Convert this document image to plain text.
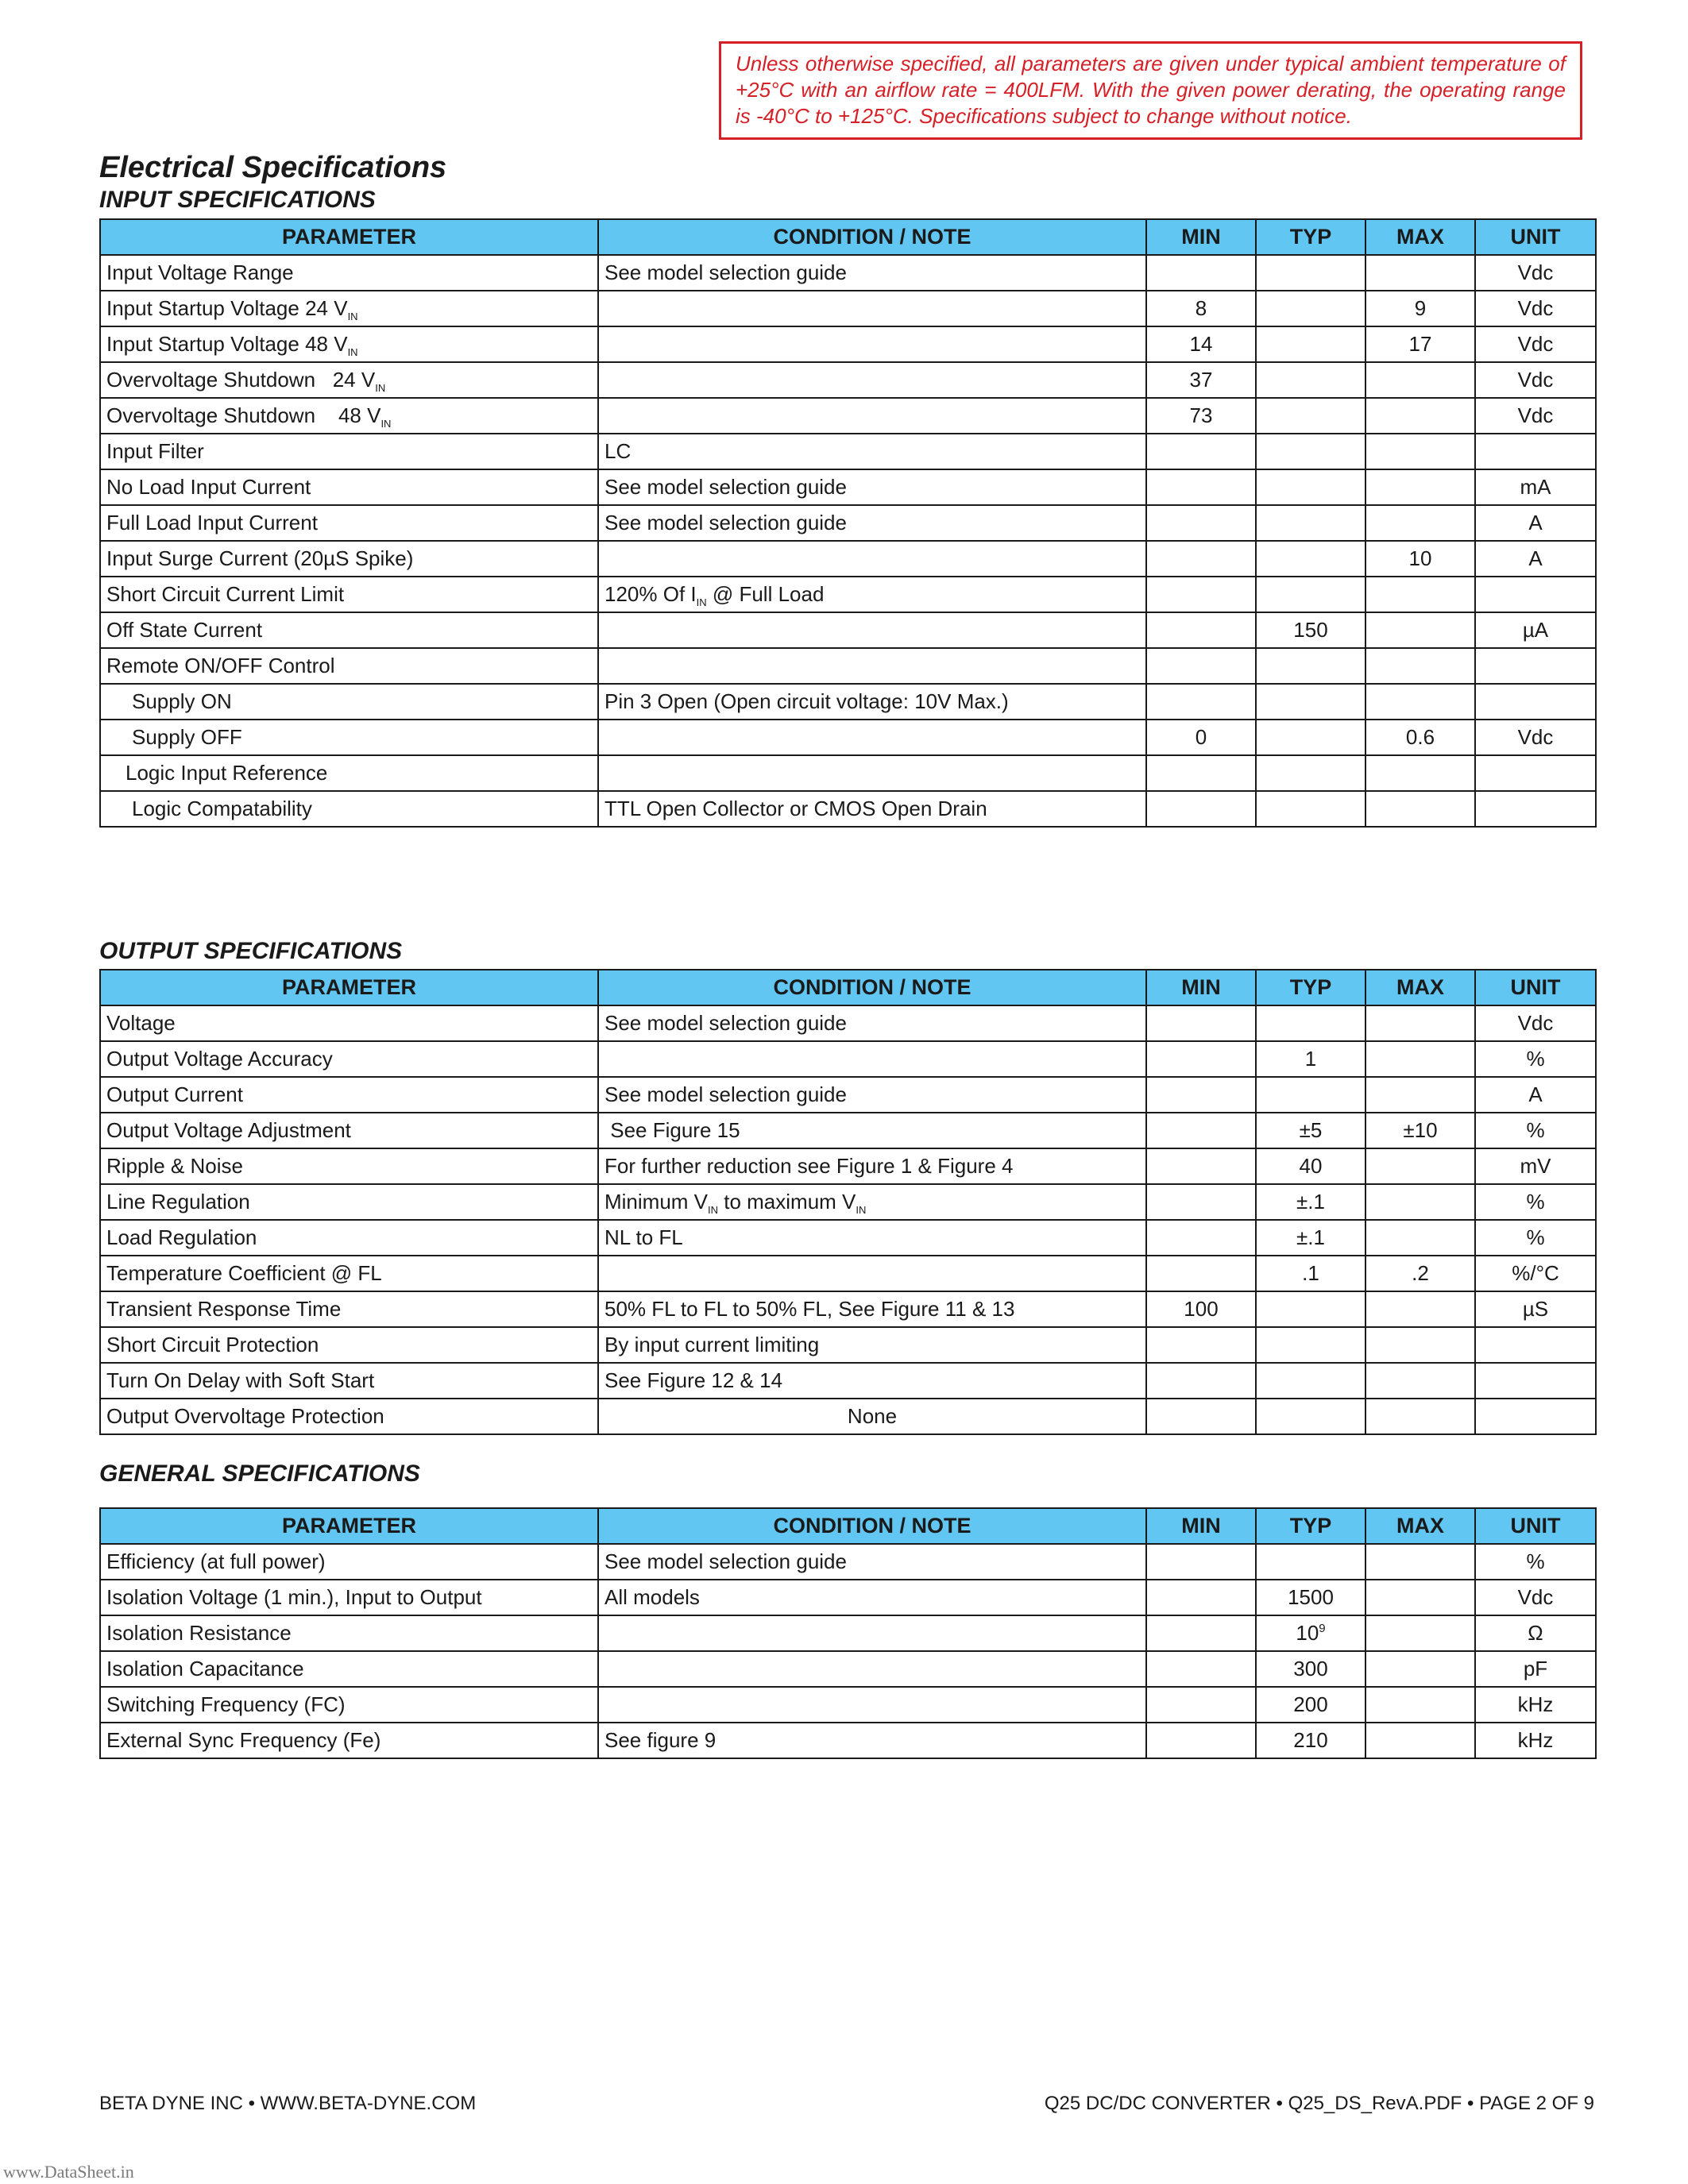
Unless otherwise specified, all parameters are given under typical ambient temperature of +25°C with an airflow rate = 400LFM. With the given power derating, the operating range is -40°C to +125°C. Specifications subject to change without notice.
Electrical Specifications
INPUT SPECIFICATIONS
PARAMETER	CONDITION / NOTE	MIN	TYP	MAX	UNIT
Input Voltage Range	See model selection guide				Vdc
Input Startup Voltage 24 $V_{IN}$		8		9	Vdc
Input Startup Voltage 48 $V_{IN}$		14		17	Vdc
Overvoltage Shutdown   24 $V_{IN}$		37			Vdc
Overvoltage Shutdown    48 $V_{IN}$		73			Vdc
Input Filter	LC				
No Load Input Current	See model selection guide				mA
Full Load Input Current	See model selection guide				A
Input Surge Current (20µS Spike)				10	A
Short Circuit Current Limit	120% Of $I_{IN}$ @ Full Load				
Off State Current			150		µA
Remote ON/OFF Control					
Supply ON	Pin 3 Open (Open circuit voltage: 10V Max.)				
Supply OFF		0		0.6	Vdc
Logic Input Reference					
Logic Compatability	TTL Open Collector or CMOS Open Drain				
OUTPUT SPECIFICATIONS
PARAMETER	CONDITION / NOTE	MIN	TYP	MAX	UNIT
Voltage	See model selection guide				Vdc
Output Voltage Accuracy			1		%
Output Current	See model selection guide				A
Output Voltage Adjustment	See Figure 15		±5	±10	%
Ripple & Noise	For further reduction see Figure 1 & Figure 4		40		mV
Line Regulation	Minimum $V_{IN}$ to maximum $V_{IN}$		±.1		%
Load Regulation	NL to FL		±.1		%
Temperature Coefficient @ FL			.1	.2	%/°C
Transient Response Time	50% FL to FL to 50% FL, See Figure 11 & 13	100			µS
Short Circuit Protection	By input current limiting				
Turn On Delay with Soft Start	See Figure 12 & 14				
Output Overvoltage Protection	None				
GENERAL SPECIFICATIONS
PARAMETER	CONDITION / NOTE	MIN	TYP	MAX	UNIT
Efficiency (at full power)	See model selection guide				%
Isolation Voltage (1 min.), Input to Output	All models		1500		Vdc
Isolation Resistance			$10^9$		Ω
Isolation Capacitance			300		pF
Switching Frequency (FC)			200		kHz
External Sync Frequency (Fe)	See figure 9		210		kHz
BETA DYNE INC • WWW.BETA-DYNE.COM	Q25 DC/DC CONVERTER • Q25_DS_RevA.PDF • PAGE 2 OF 9
www.DataSheet.in
